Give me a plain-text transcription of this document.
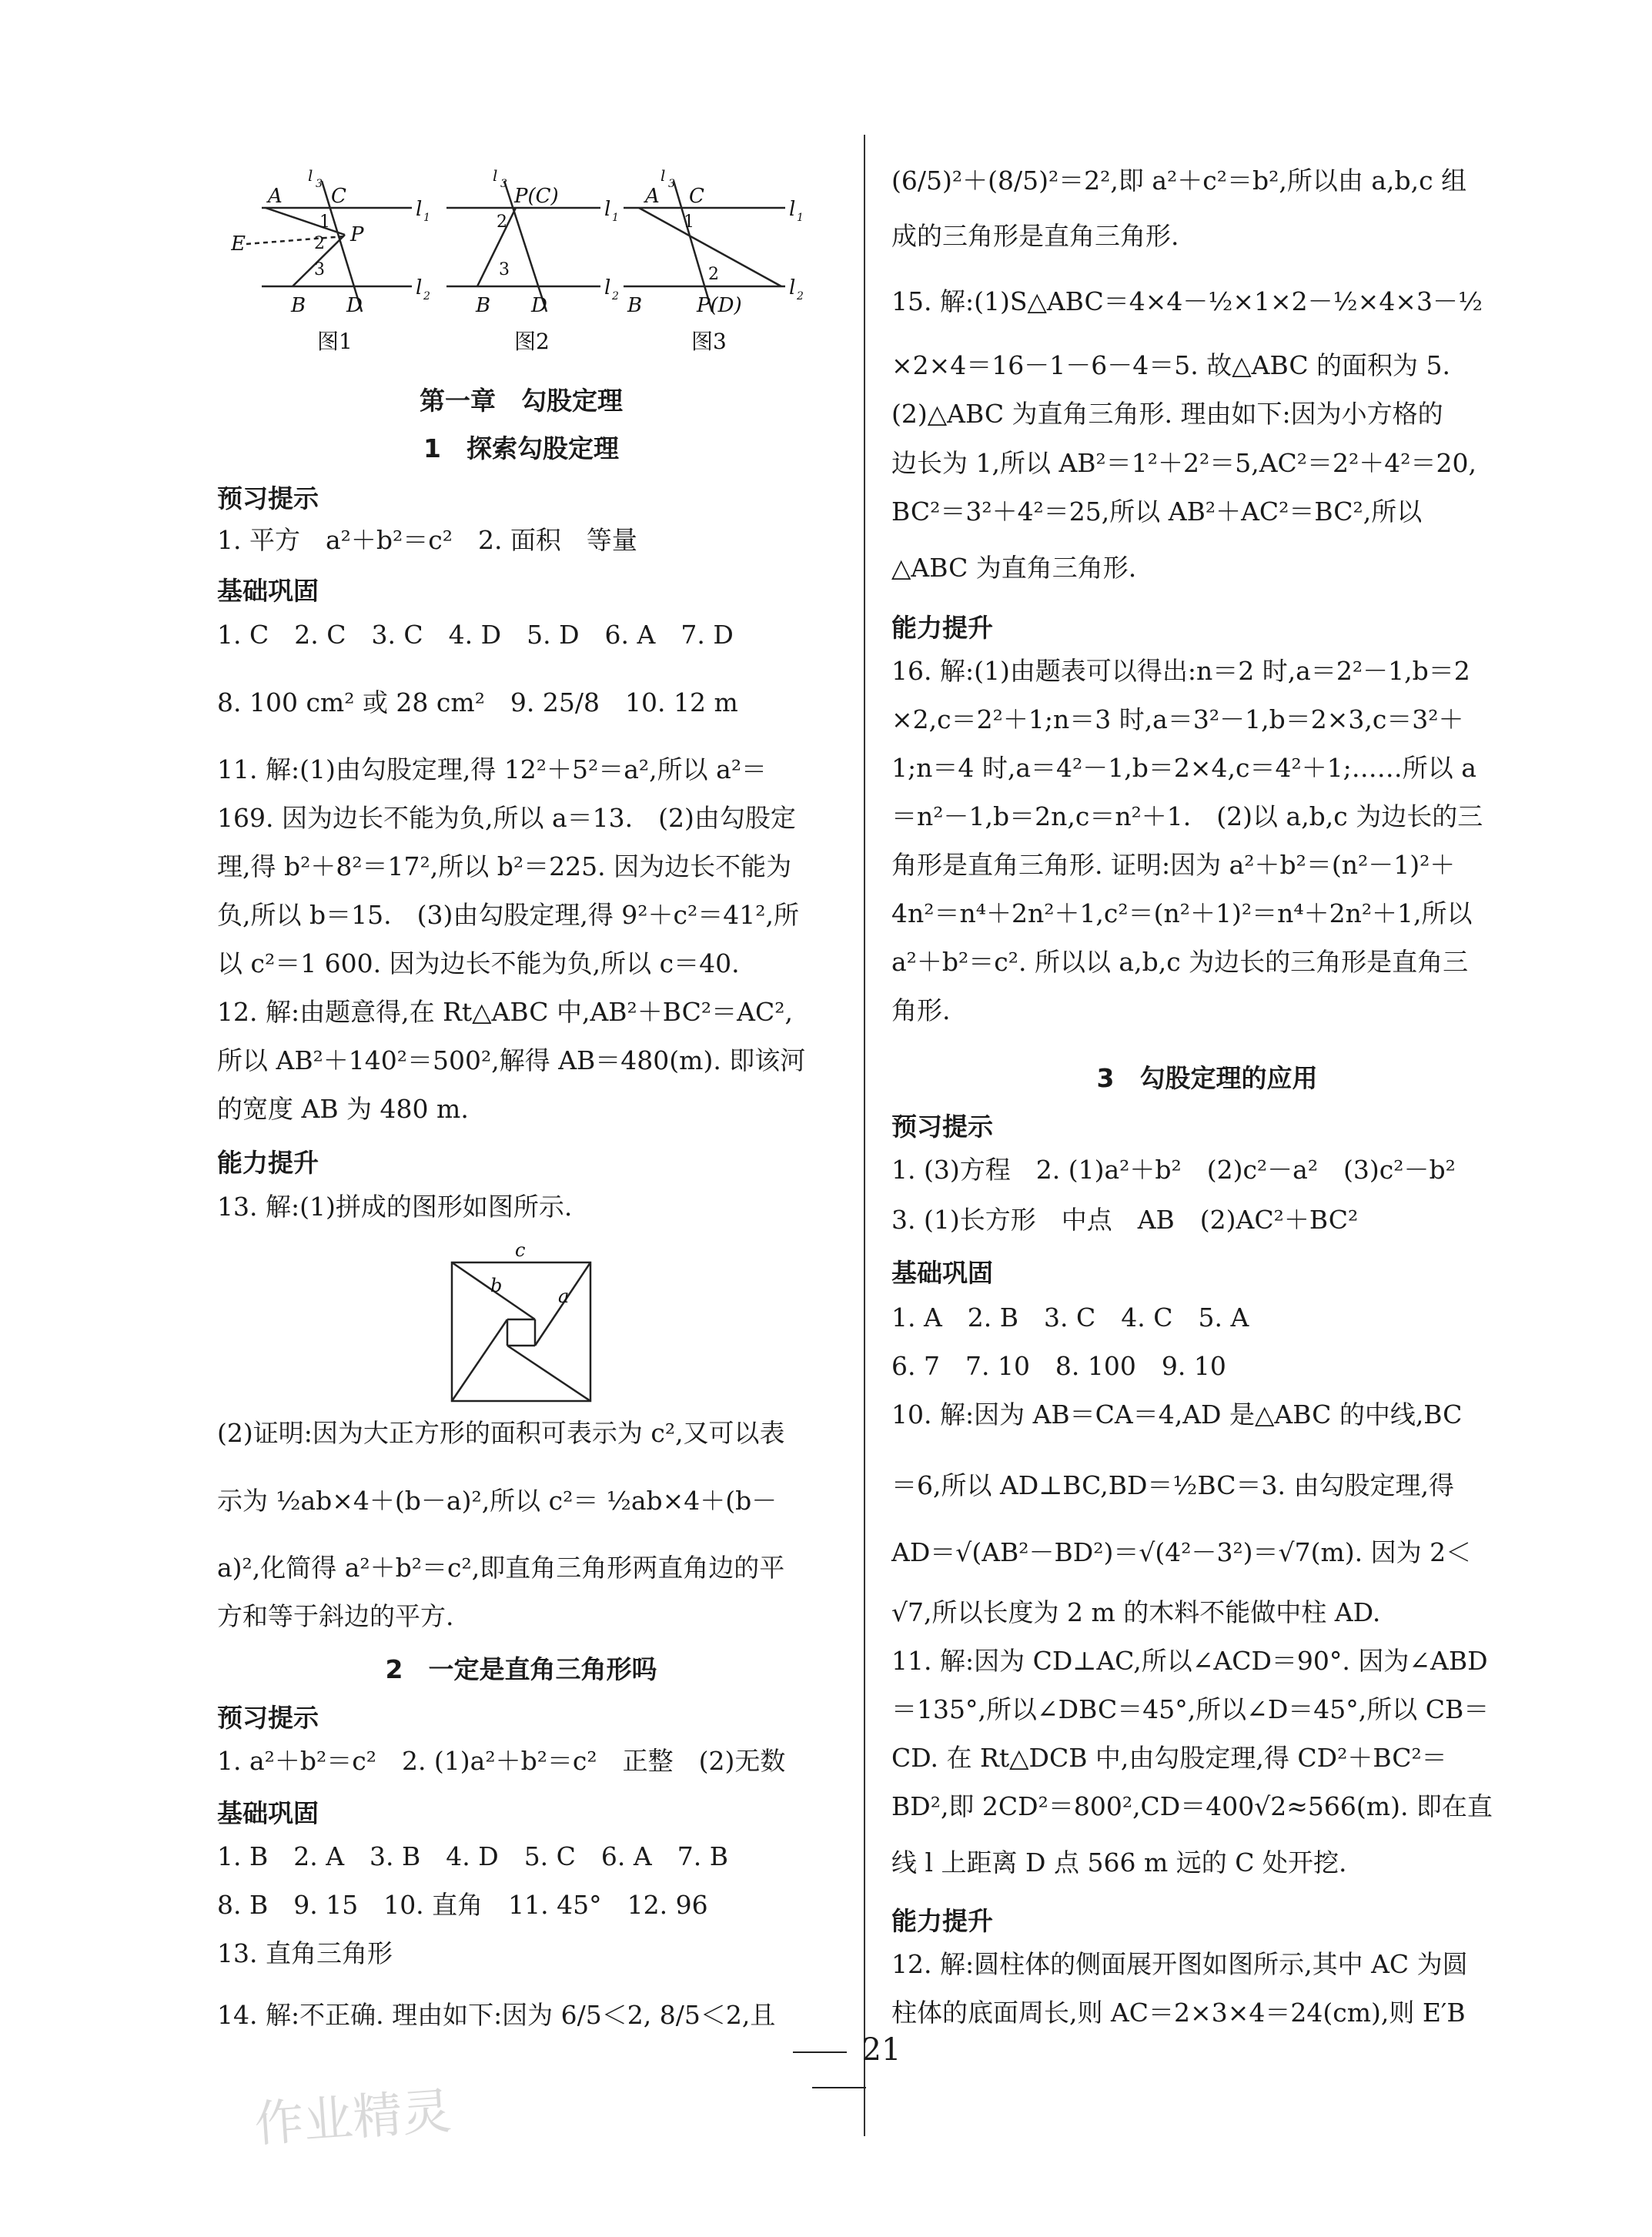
A
l 3
C
l 1
1
2 P
E
3
B D
l 2
l 3
P(C)
l 1
2
3
B D
l 2
A
l 3
C
l 1
1
2
B	P(D)
l 2
图1	图2	图3
第一章　勾股定理
1　探索勾股定理
预习提示
1. 平方　a²＋b²＝c²　2. 面积　等量
基础巩固
1. C　2. C　3. C　4. D　5. D　6. A　7. D
8. 100 cm² 或 28 cm²　9. 25/8　10. 12 m
11. 解:(1)由勾股定理,得 12²＋5²＝a²,所以 a²＝
169. 因为边长不能为负,所以 a＝13.　(2)由勾股定
理,得 b²＋8²＝17²,所以 b²＝225. 因为边长不能为
负,所以 b＝15.　(3)由勾股定理,得 9²＋c²＝41²,所
以 c²＝1 600. 因为边长不能为负,所以 c＝40.
12. 解:由题意得,在 Rt△ABC 中,AB²＋BC²＝AC²,
所以 AB²＋140²＝500²,解得 AB＝480(m). 即该河
的宽度 AB 为 480 m.
能力提升
13. 解:(1)拼成的图形如图所示.
c
b	a
(2)证明:因为大正方形的面积可表示为 c²,又可以表
示为 ½ab×4＋(b－a)²,所以 c²＝ ½ab×4＋(b－
a)²,化简得 a²＋b²＝c²,即直角三角形两直角边的平
方和等于斜边的平方.
2　一定是直角三角形吗
预习提示
1. a²＋b²＝c²　2. (1)a²＋b²＝c²　正整　(2)无数
基础巩固
1. B　2. A　3. B　4. D　5. C　6. A　7. B
8. B　9. 15　10. 直角　11. 45°　12. 96
13. 直角三角形
14. 解:不正确. 理由如下:因为 6/5＜2, 8/5＜2,且
(6/5)²＋(8/5)²＝2²,即 a²＋c²＝b²,所以由 a,b,c 组
成的三角形是直角三角形.
15. 解:(1)S△ABC＝4×4－½×1×2－½×4×3－½
×2×4＝16－1－6－4＝5. 故△ABC 的面积为 5.
(2)△ABC 为直角三角形. 理由如下:因为小方格的
边长为 1,所以 AB²＝1²＋2²＝5,AC²＝2²＋4²＝20,
BC²＝3²＋4²＝25,所以 AB²＋AC²＝BC²,所以
△ABC 为直角三角形.
能力提升
16. 解:(1)由题表可以得出:n＝2 时,a＝2²－1,b＝2
×2,c＝2²＋1;n＝3 时,a＝3²－1,b＝2×3,c＝3²＋
1;n＝4 时,a＝4²－1,b＝2×4,c＝4²＋1;……所以 a
＝n²－1,b＝2n,c＝n²＋1.　(2)以 a,b,c 为边长的三
角形是直角三角形. 证明:因为 a²＋b²＝(n²－1)²＋
4n²＝n⁴＋2n²＋1,c²＝(n²＋1)²＝n⁴＋2n²＋1,所以
a²＋b²＝c². 所以以 a,b,c 为边长的三角形是直角三
角形.
3　勾股定理的应用
预习提示
1. (3)方程　2. (1)a²＋b²　(2)c²－a²　(3)c²－b²
3. (1)长方形　中点　AB　(2)AC²＋BC²
基础巩固
1. A　2. B　3. C　4. C　5. A
6. 7　7. 10　8. 100　9. 10
10. 解:因为 AB＝CA＝4,AD 是△ABC 的中线,BC
＝6,所以 AD⊥BC,BD＝½BC＝3. 由勾股定理,得
AD＝√(AB²－BD²)＝√(4²－3²)＝√7(m). 因为 2＜
√7,所以长度为 2 m 的木料不能做中柱 AD.
11. 解:因为 CD⊥AC,所以∠ACD＝90°. 因为∠ABD
＝135°,所以∠DBC＝45°,所以∠D＝45°,所以 CB＝
CD. 在 Rt△DCB 中,由勾股定理,得 CD²＋BC²＝
BD²,即 2CD²＝800²,CD＝400√2≈566(m). 即在直
线 l 上距离 D 点 566 m 远的 C 处开挖.
能力提升
12. 解:圆柱体的侧面展开图如图所示,其中 AC 为圆
柱体的底面周长,则 AC＝2×3×4＝24(cm),则 E′B
21
作业精灵
